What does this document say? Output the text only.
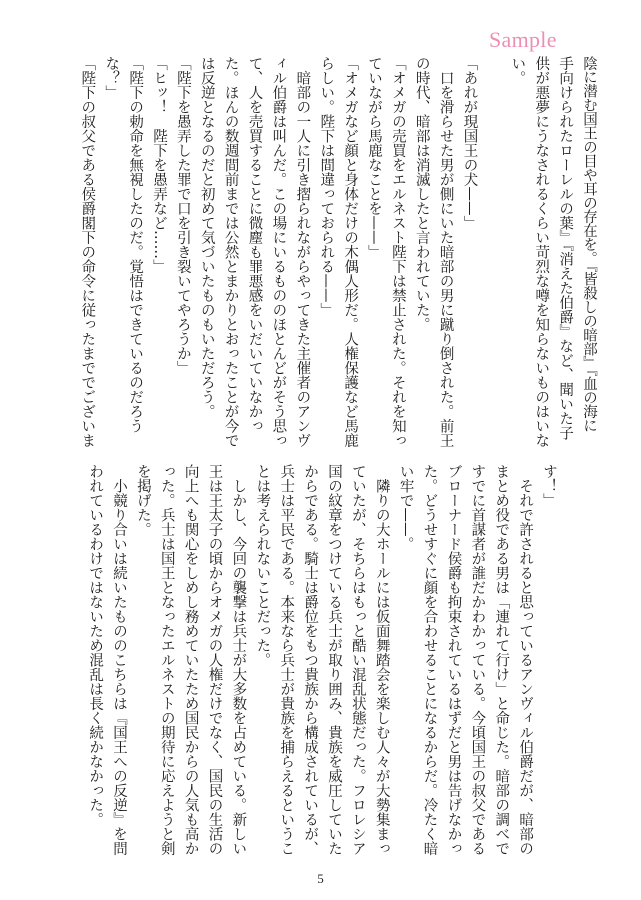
Sample
陰に潜む国王の目や耳の存在を。『皆殺しの暗部』『血の海に
手向けられたローレルの葉』『消えた伯爵』など、聞いた子
供が悪夢にうなされるくらい苛烈な噂を知らないものはいな
い。
「あれが現国王の犬——」
　口を滑らせた男が側にいた暗部の男に蹴り倒された。前王
の時代、暗部は消滅したと言われていた。
「オメガの売買をエルネスト陛下は禁止された。それを知っ
ていながら馬鹿なことを——」
「オメガなど顔と身体だけの木偶人形だ。人権保護など馬鹿
らしい。陛下は間違っておられる——」
　暗部の一人に引き摺られながらやってきた主催者のアンヴ
ィル伯爵は叫んだ。この場にいるもののほとんどがそう思っ
て、人を売買することに微塵も罪悪感をいだいていなかっ
た。ほんの数週間前までは公然とまかりとおったことが今で
は反逆となるのだと初めて気づいたものもいただろう。
「陛下を愚弄した罪で口を引き裂いてやろうか」
「ヒッ！　陛下を愚弄など……」
「陛下の勅命を無視したのだ。覚悟はできているのだろう
な？」
「陛下の叔父である侯爵閣下の命令に従ったまででございま
す！」
　それで許されると思っているアンヴィル伯爵だが、暗部の
まとめ役である男は「連れて行け」と命じた。暗部の調べで
すでに首謀者が誰だかわかっている。今頃国王の叔父である
ブローナード侯爵も拘束されているはずだと男は告げなかっ
た。どうせすぐに顔を合わせることになるからだ。冷たく暗
い牢で——。
　隣りの大ホールには仮面舞踏会を楽しむ人々が大勢集まっ
ていたが、そちらはもっと酷い混乱状態だった。フロレシア
国の紋章をつけている兵士が取り囲み、貴族を威圧していた
からである。騎士は爵位をもつ貴族から構成されているが、
兵士は平民である。本来なら兵士が貴族を捕らえるというこ
とは考えられないことだった。
　しかし、今回の襲撃は兵士が大多数を占めている。新しい
王は王太子の頃からオメガの人権だけでなく、国民の生活の
向上へも関心をしめし務めていたため国民からの人気も高か
った。兵士は国王となったエルネストの期待に応えようと剣
を掲げた。
　小競り合いは続いたもののこちらは『国王への反逆』を問
われているわけではないため混乱は長く続かなかった。
5
